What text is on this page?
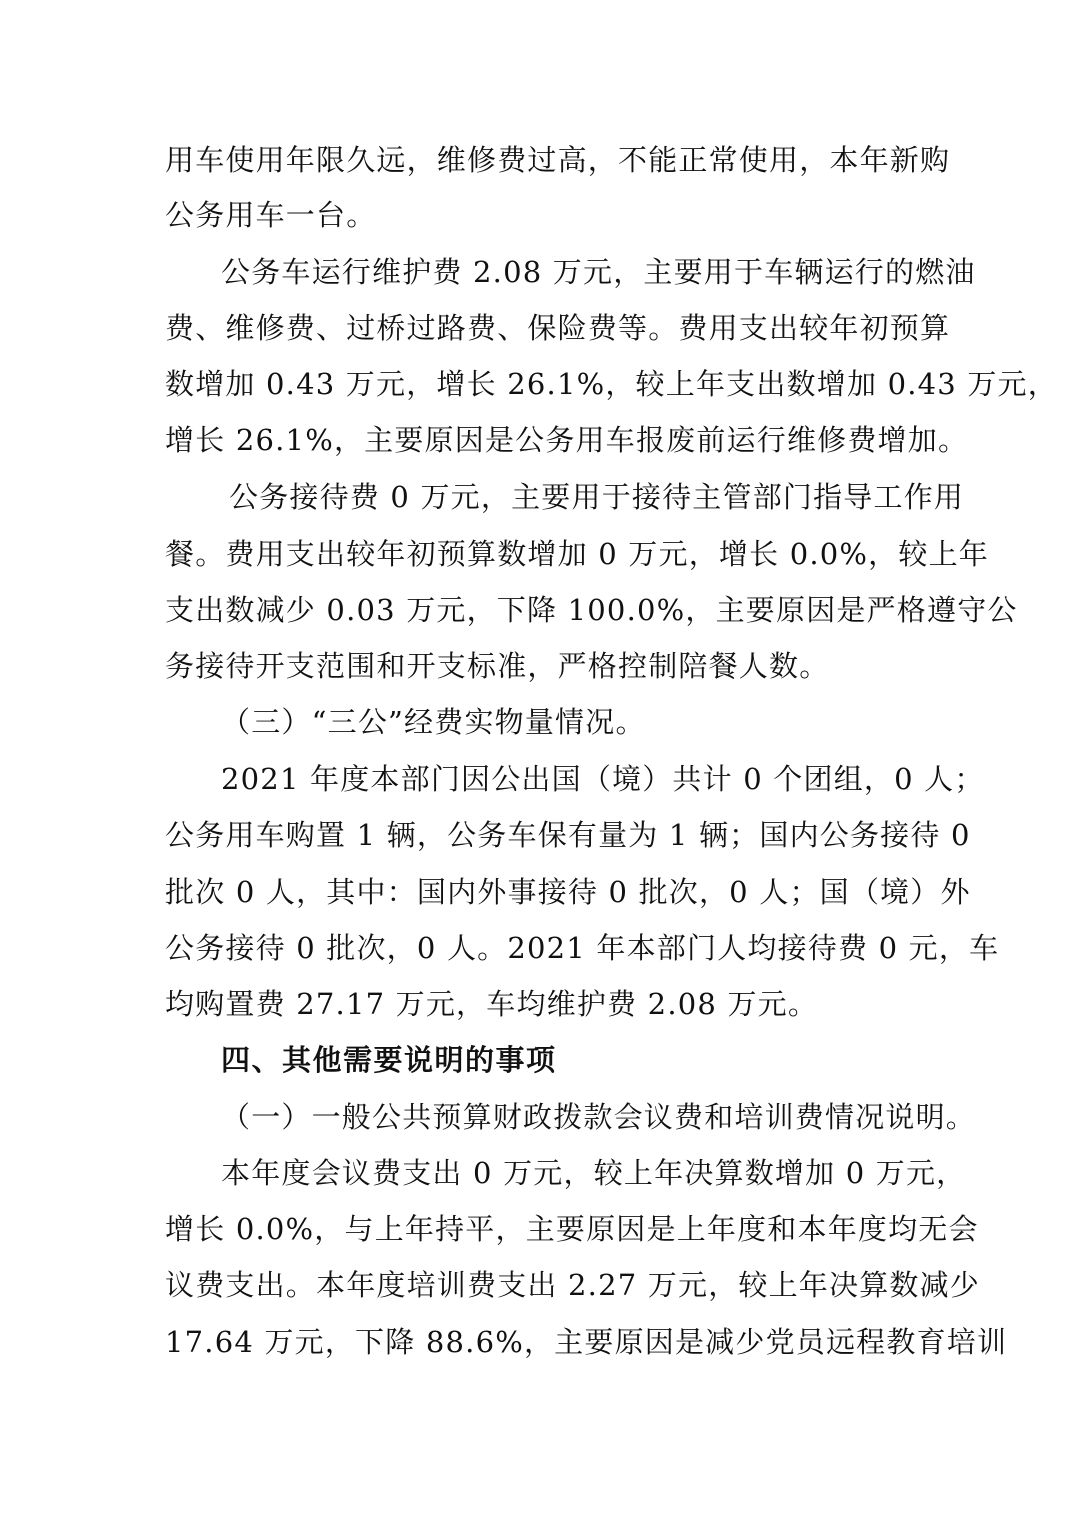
用车使用年限久远，维修费过高，不能正常使用，本年新购
公务用车一台。
公务车运行维护费 2.08 万元，主要用于车辆运行的燃油
费、维修费、过桥过路费、保险费等。费用支出较年初预算
数增加 0.43 万元，增长 26.1%，较上年支出数增加 0.43 万元，
增长 26.1%，主要原因是公务用车报废前运行维修费增加。
公务接待费 0 万元，主要用于接待主管部门指导工作用
餐。费用支出较年初预算数增加 0 万元，增长 0.0%，较上年
支出数减少 0.03 万元，下降 100.0%，主要原因是严格遵守公
务接待开支范围和开支标准，严格控制陪餐人数。
（三）“三公”经费实物量情况。
2021 年度本部门因公出国（境）共计 0 个团组，0 人；
公务用车购置 1 辆，公务车保有量为 1 辆；国内公务接待 0
批次 0 人，其中：国内外事接待 0 批次，0 人；国（境）外
公务接待 0 批次，0 人。2021 年本部门人均接待费 0 元，车
均购置费 27.17 万元，车均维护费 2.08 万元。
四、其他需要说明的事项
（一）一般公共预算财政拨款会议费和培训费情况说明。
本年度会议费支出 0 万元，较上年决算数增加 0 万元，
增长 0.0%，与上年持平，主要原因是上年度和本年度均无会
议费支出。本年度培训费支出 2.27 万元，较上年决算数减少
17.64 万元，下降 88.6%，主要原因是减少党员远程教育培训
